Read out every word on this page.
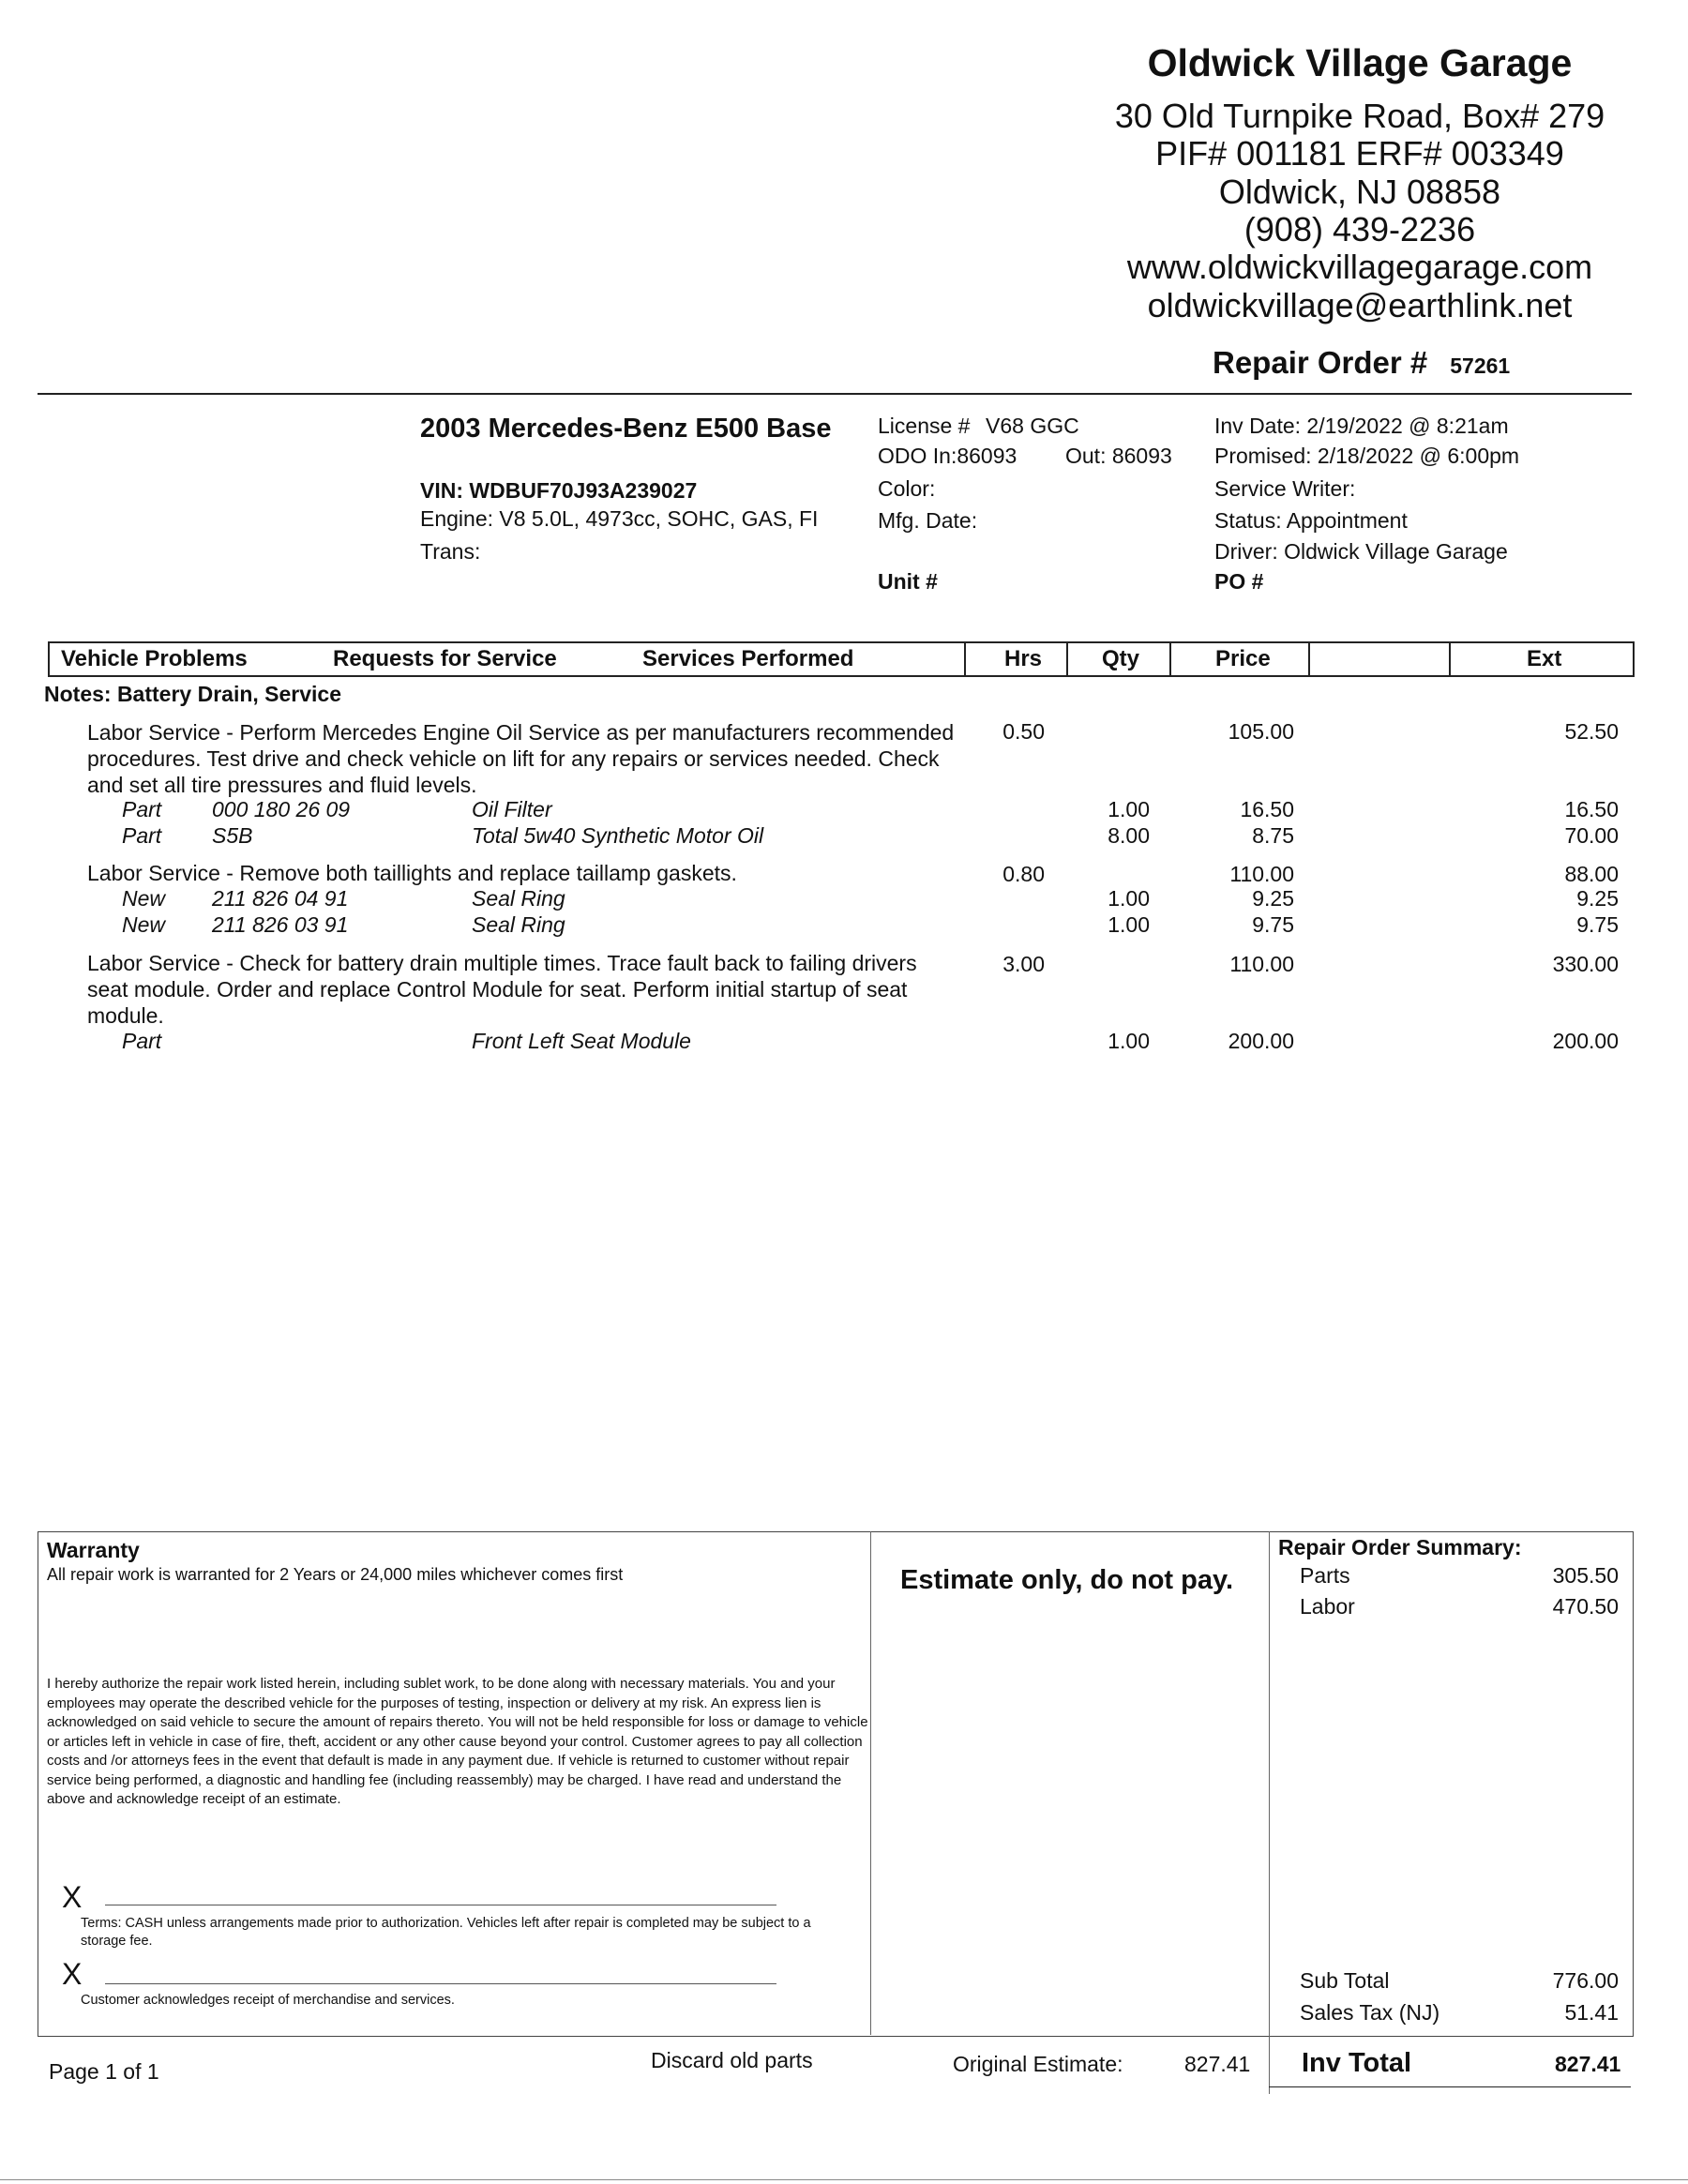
Oldwick Village Garage
30 Old Turnpike Road, Box# 279
PIF# 001181 ERF# 003349
Oldwick, NJ 08858
(908) 439-2236
www.oldwickvillagegarage.com
oldwickvillage@earthlink.net
Repair Order # 57261
2003 Mercedes-Benz E500 Base
VIN: WDBUF70J93A239027
Engine: V8 5.0L, 4973cc, SOHC, GAS, FI
Trans:
License # V68 GGC
ODO In:86093 Out: 86093
Color:
Mfg. Date:
Unit #
Inv Date: 2/19/2022 @ 8:21am
Promised: 2/18/2022 @ 6:00pm
Service Writer:
Status: Appointment
Driver: Oldwick Village Garage
PO #
Vehicle Problems	Requests for Service	Services Performed	Hrs	Qty	Price	Ext
Notes: Battery Drain, Service
Labor Service - Perform Mercedes Engine Oil Service as per manufacturers recommended procedures. Test drive and check vehicle on lift for any repairs or services needed. Check and set all tire pressures and fluid levels.
0.50	105.00	52.50
Part 000 180 26 09	Oil Filter	1.00	16.50	16.50
Part S5B	Total 5w40 Synthetic Motor Oil	8.00	8.75	70.00
Labor Service - Remove both taillights and replace taillamp gaskets.	0.80	110.00	88.00
New 211 826 04 91	Seal Ring	1.00	9.25	9.25
New 211 826 03 91	Seal Ring	1.00	9.75	9.75
Labor Service - Check for battery drain multiple times. Trace fault back to failing drivers seat module. Order and replace Control Module for seat. Perform initial startup of seat module.
3.00	110.00	330.00
Part	Front Left Seat Module	1.00	200.00	200.00
Warranty
All repair work is warranted for 2 Years or 24,000 miles whichever comes first	Estimate only, do not pay.
I hereby authorize the repair work listed herein, including sublet work, to be done along with necessary materials. You and your employees may operate the described vehicle for the purposes of testing, inspection or delivery at my risk. An express lien is acknowledged on said vehicle to secure the amount of repairs thereto. You will not be held responsible for loss or damage to vehicle or articles left in vehicle in case of fire, theft, accident or any other cause beyond your control. Customer agrees to pay all collection costs and /or attorneys fees in the event that default is made in any payment due. If vehicle is returned to customer without repair service being performed, a diagnostic and handling fee (including reassembly) may be charged. I have read and understand the above and acknowledge receipt of an estimate.
X
Terms: CASH unless arrangements made prior to authorization. Vehicles left after repair is completed may be subject to a storage fee.
X
Customer acknowledges receipt of merchandise and services.
Repair Order Summary:
Parts	305.50
Labor	470.50
Sub Total	776.00
Sales Tax (NJ)	51.41
Page 1 of 1	Discard old parts	Original Estimate:	827.41 Inv Total	827.41
